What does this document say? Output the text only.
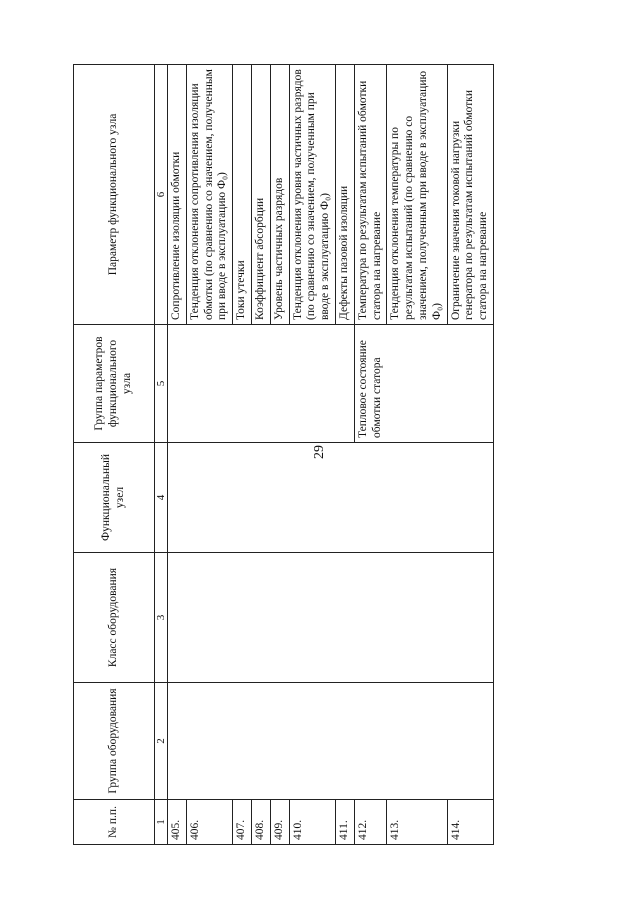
29
№ п.п.	Группа оборудования	Класс оборудования	Функциональный узел	Группа параметров функционального узла	Параметр функционального узла
1	2	3	4	5	6
405.					Сопротивление изоляции обмотки
406.					Тенденция отклонения сопротивления изоляции обмотки (по сравнению со значением, полученным при вводе в эксплуатацию Ф₀)
407.					Токи утечки
408.					Коэффициент абсорбции
409.					Уровень частичных разрядов
410.					Тенденция отклонения уровня частичных разрядов (по сравнению со значением, полученным при вводе в эксплуатацию Ф₀)
411.					Дефекты пазовой изоляции
412.				Тепловое состояние обмотки статора	Температура по результатам испытаний обмотки статора на нагревание
413.					Тенденция отклонения температуры по результатам испытаний (по сравнению со значением, полученным при вводе в эксплуатацию Ф₀)
414.					Ограничение значения токовой нагрузки генератора по результатам испытаний обмотки статора на нагревание
